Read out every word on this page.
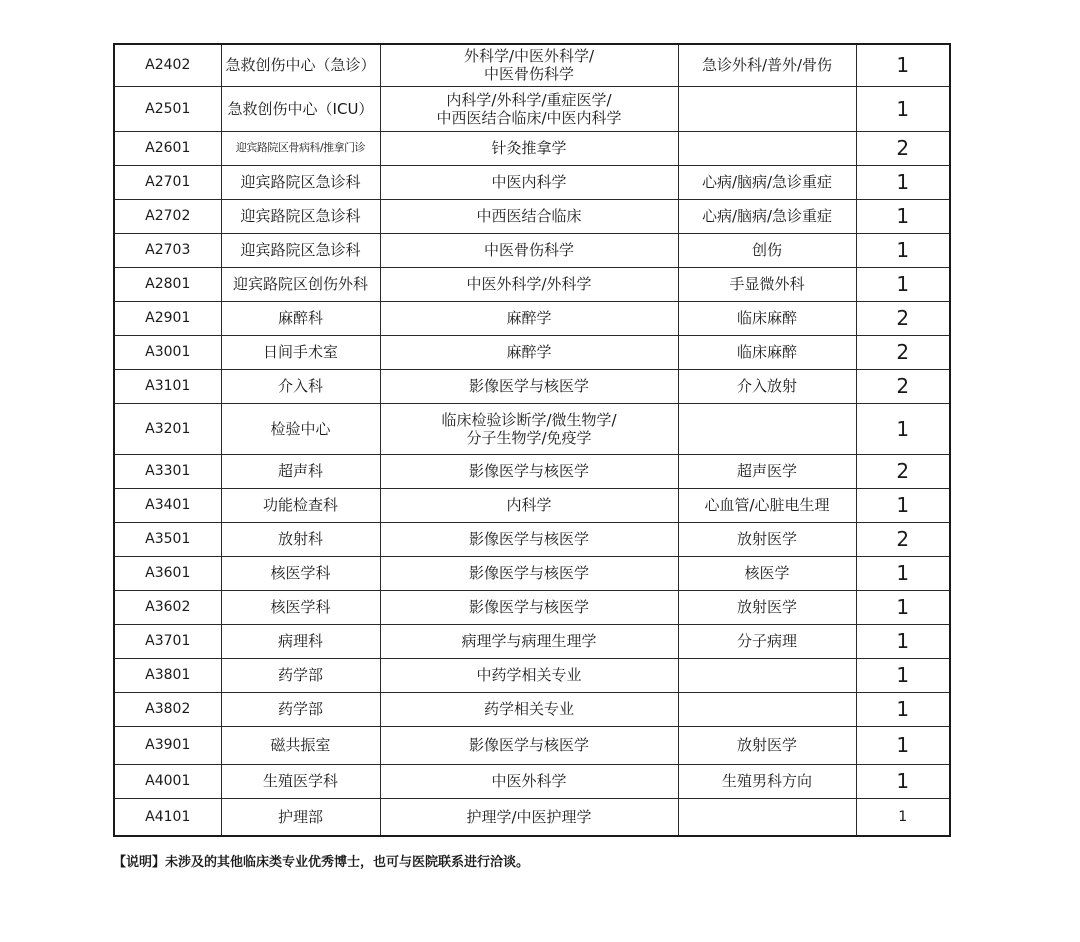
A2402	急救创伤中心（急诊）	外科学/中医外科学/
中医骨伤科学	急诊外科/普外/骨伤	1
A2501	急救创伤中心（ICU）	内科学/外科学/重症医学/
中西医结合临床/中医内科学		1
A2601	迎宾路院区骨病科/推拿门诊	针灸推拿学		2
A2701	迎宾路院区急诊科	中医内科学	心病/脑病/急诊重症	1
A2702	迎宾路院区急诊科	中西医结合临床	心病/脑病/急诊重症	1
A2703	迎宾路院区急诊科	中医骨伤科学	创伤	1
A2801	迎宾路院区创伤外科	中医外科学/外科学	手显微外科	1
A2901	麻醉科	麻醉学	临床麻醉	2
A3001	日间手术室	麻醉学	临床麻醉	2
A3101	介入科	影像医学与核医学	介入放射	2
A3201	检验中心	临床检验诊断学/微生物学/
分子生物学/免疫学		1
A3301	超声科	影像医学与核医学	超声医学	2
A3401	功能检查科	内科学	心血管/心脏电生理	1
A3501	放射科	影像医学与核医学	放射医学	2
A3601	核医学科	影像医学与核医学	核医学	1
A3602	核医学科	影像医学与核医学	放射医学	1
A3701	病理科	病理学与病理生理学	分子病理	1
A3801	药学部	中药学相关专业		1
A3802	药学部	药学相关专业		1
A3901	磁共振室	影像医学与核医学	放射医学	1
A4001	生殖医学科	中医外科学	生殖男科方向	1
A4101	护理部	护理学/中医护理学		1
【说明】未涉及的其他临床类专业优秀博士，也可与医院联系进行洽谈。
